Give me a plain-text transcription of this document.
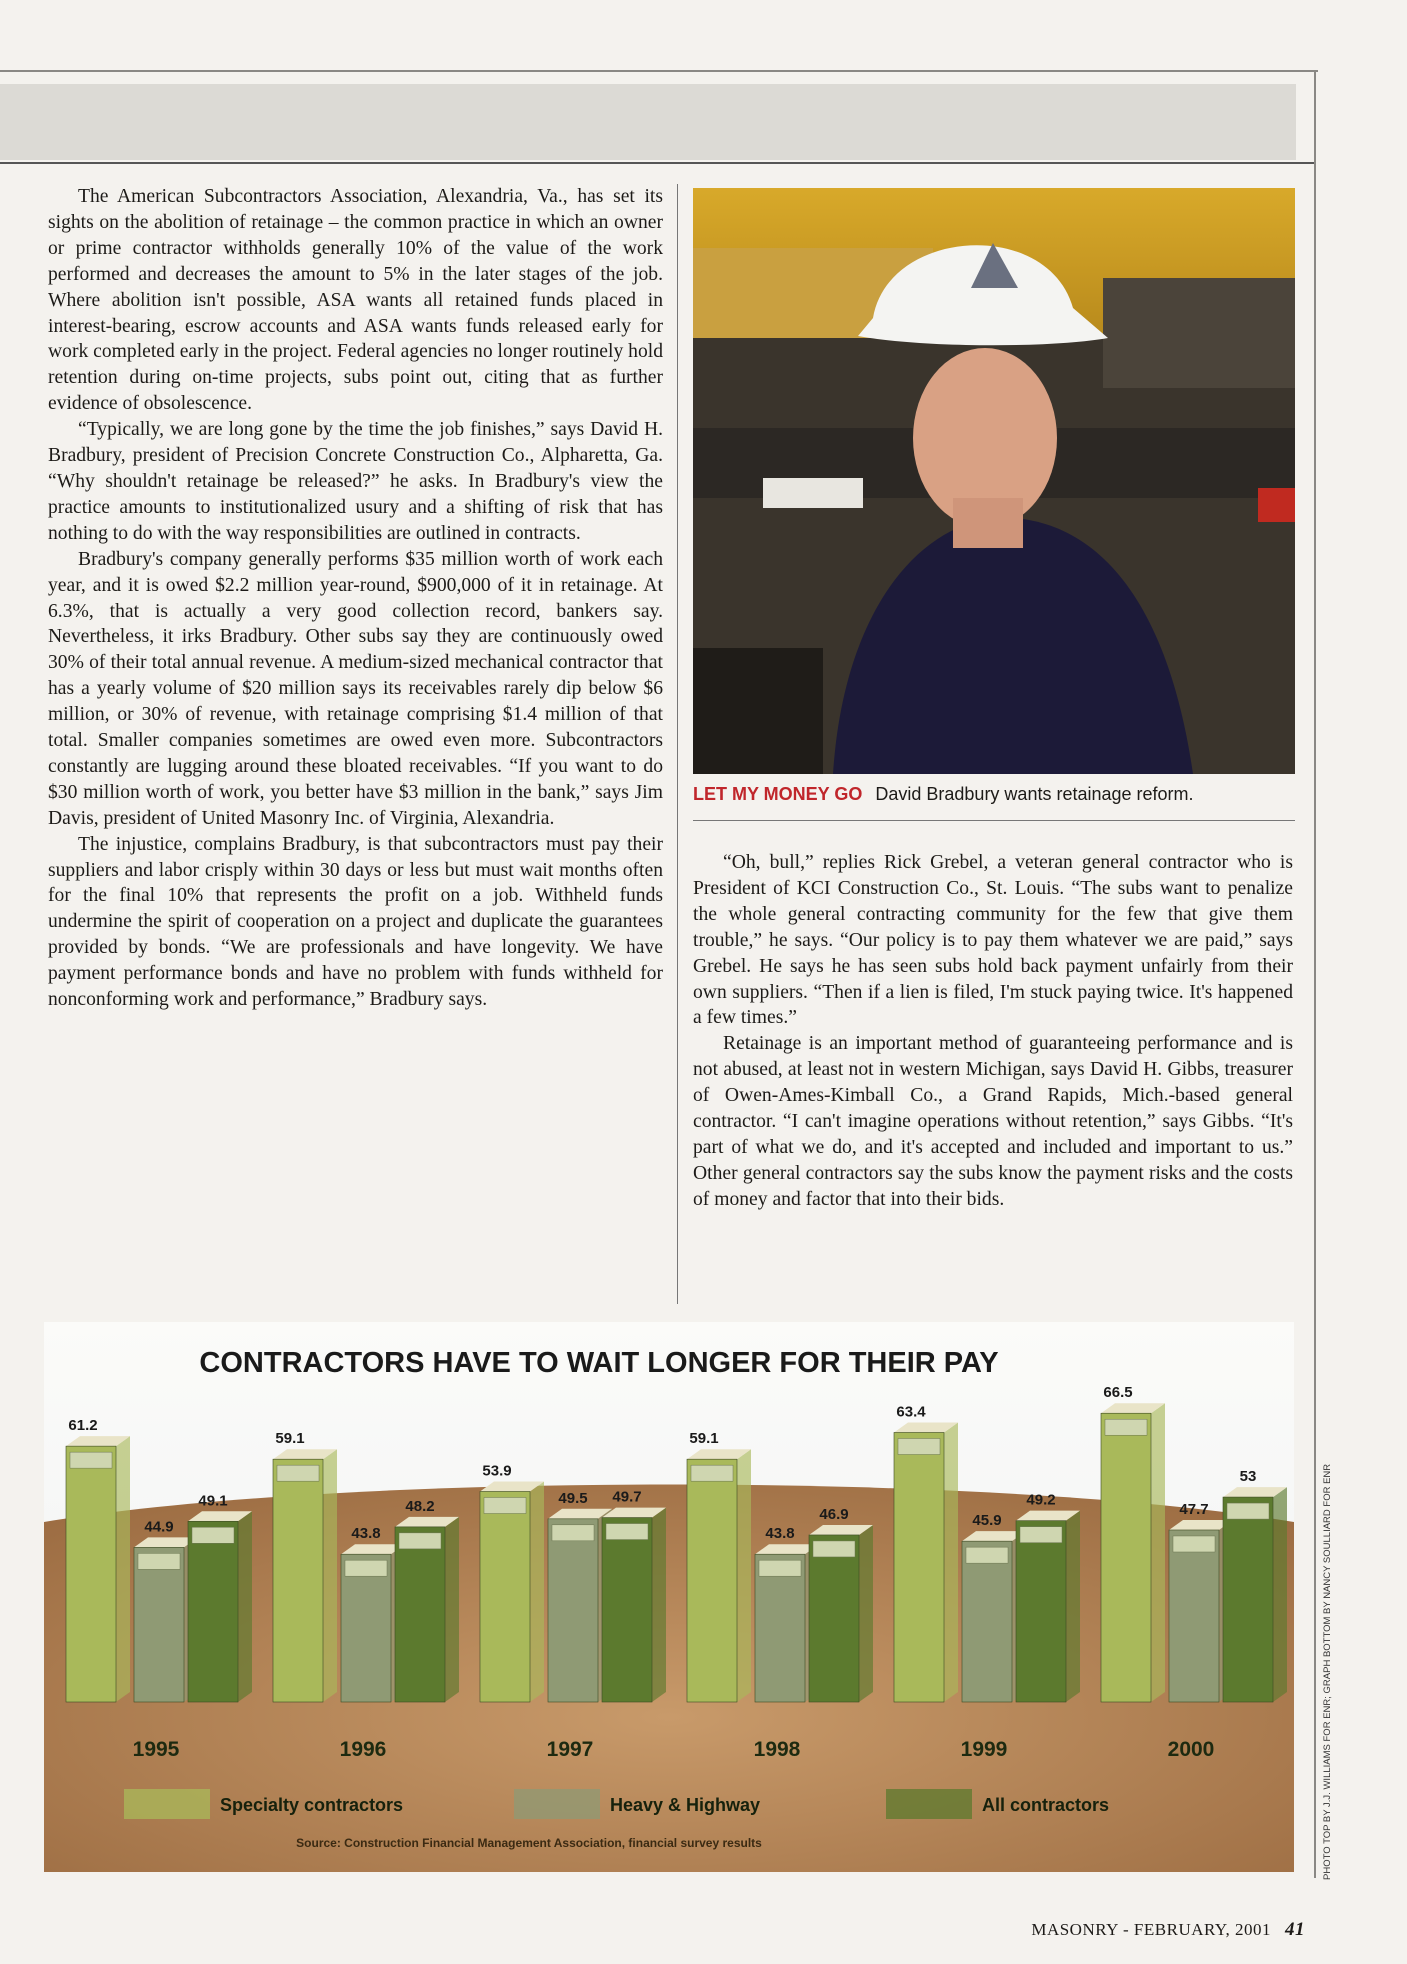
The American Subcontractors Association, Alexandria, Va., has set its sights on the abolition of retainage – the common practice in which an owner or prime contractor withholds generally 10% of the value of the work performed and decreases the amount to 5% in the later stages of the job. Where abolition isn't possible, ASA wants all retained funds placed in interest-bearing, escrow accounts and ASA wants funds released early for work completed early in the project. Federal agencies no longer routinely hold retention during on-time projects, subs point out, citing that as further evidence of obsolescence.

“Typically, we are long gone by the time the job finishes,” says David H. Bradbury, president of Precision Concrete Construction Co., Alpharetta, Ga. “Why shouldn't retainage be released?” he asks. In Bradbury's view the practice amounts to institutionalized usury and a shifting of risk that has nothing to do with the way responsibilities are outlined in contracts.

Bradbury's company generally performs $35 million worth of work each year, and it is owed $2.2 million year-round, $900,000 of it in retainage. At 6.3%, that is actually a very good collection record, bankers say. Nevertheless, it irks Bradbury. Other subs say they are continuously owed 30% of their total annual revenue. A medium-sized mechanical contractor that has a yearly volume of $20 million says its receivables rarely dip below $6 million, or 30% of revenue, with retainage comprising $1.4 million of that total. Smaller companies sometimes are owed even more. Subcontractors constantly are lugging around these bloated receivables. “If you want to do $30 million worth of work, you better have $3 million in the bank,” says Jim Davis, president of United Masonry Inc. of Virginia, Alexandria.

The injustice, complains Bradbury, is that subcontractors must pay their suppliers and labor crisply within 30 days or less but must wait months often for the final 10% that represents the profit on a job. Withheld funds undermine the spirit of cooperation on a project and duplicate the guarantees provided by bonds. “We are professionals and have longevity. We have payment performance bonds and have no problem with funds withheld for nonconforming work and performance,” Bradbury says.

LET MY MONEY GO David Bradbury wants retainage reform.

“Oh, bull,” replies Rick Grebel, a veteran general contractor who is President of KCI Construction Co., St. Louis. “The subs want to penalize the whole general contracting community for the few that give them trouble,” he says. “Our policy is to pay them whatever we are paid,” says Grebel. He says he has seen subs hold back payment unfairly from their own suppliers. “Then if a lien is filed, I'm stuck paying twice. It's happened a few times.”

Retainage is an important method of guaranteeing performance and is not abused, at least not in western Michigan, says David H. Gibbs, treasurer of Owen-Ames-Kimball Co., a Grand Rapids, Mich.-based general contractor. “I can't imagine operations without retention,” says Gibbs. “It's part of what we do, and it's accepted and included and important to us.” Other general contractors say the subs know the payment risks and the costs of money and factor that into their bids.

CONTRACTORS HAVE TO WAIT LONGER FOR THEIR PAY
61.2
44.9
49.1
1995
59.1
43.8
48.2
1996
53.9
49.5 49.7
1997
59.1
43.8
46.9
1998
63.4
45.9
49.2
1999
66.5
47.7
53
2000
Specialty contractors	Heavy & Highway	All contractors
Source: Construction Financial Management Association, financial survey results	PHOTO TOP BY J.J. WILLIAMS FOR ENR; GRAPH BOTTOM BY NANCY SOULLIARD FOR ENR
MASONRY - FEBRUARY, 2001 41
